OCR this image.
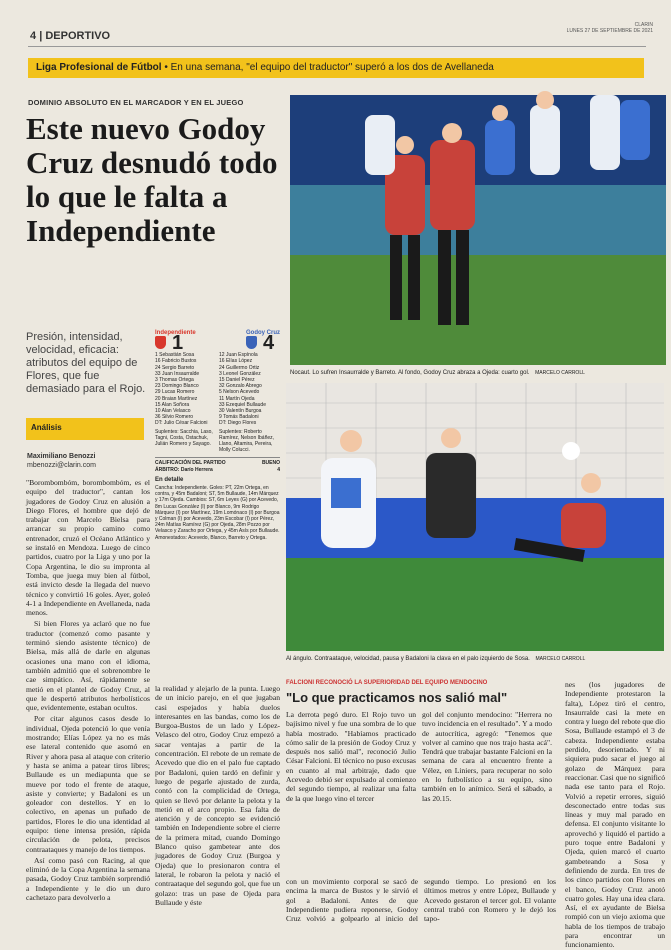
4 | DEPORTIVO
CLARIN
LUNES 27 DE SEPTIEMBRE DE 2021
Liga Profesional de Fútbol • En una semana, "el equipo del traductor" superó a los dos de Avellaneda
DOMINIO ABSOLUTO EN EL MARCADOR Y EN EL JUEGO
Este nuevo Godoy Cruz desnudó todo lo que le falta a Independiente
Presión, intensidad, velocidad, eficacia: atributos del equipo de Flores, que fue demasiado para el Rojo.
Análisis
Maximiliano Benozzi
mbenozzi@clarin.com

"Borombombóm, borombombóm, es el equipo del traductor", cantan los jugadores de Godoy Cruz en alusión a Diego Flores, el hombre que dejó de trabajar con Marcelo Bielsa para arrancar su propio camino como entrenador, cruzó el Océano Atlántico y se instaló en Mendoza. Luego de cinco partidos, cuatro por la Liga y uno por la Copa Argentina, le dio su impronta al Tomba, que juega muy bien al fútbol, está invicto desde la llegada del nuevo técnico y convirtió 16 goles. Ayer, goleó 4-1 a Independiente en Avellaneda, nada menos.

Si bien Flores ya aclaró que no fue traductor (comenzó como pasante y terminó siendo asistente técnico) de Bielsa, más allá de darle en algunas ocasiones una mano con el idioma, también admitió que el sobrenombre le cae simpático. Así, rápidamente se metió en el plantel de Godoy Cruz, al que le despertó atributos herbolísticos que, evidentemente, estaban ocultos.

Por citar algunos casos desde lo individual, Ojeda potenció lo que venía mostrando; Elías López ya no es más ese lateral contenido que asomó en River y ahora pasa al ataque con criterio y hasta se anima a patear tiros libres; Bullaude es un mediapunta que se mueve por todo el frente de ataque, asiste y convierte; y Badaloni es un goleador con destellos. Y en lo colectivo, en apenas un puñado de partidos, Flores le dio una identidad al equipo: tiene intensa presión, rápida circulación de pelota, precisos contraataques y manejo de los tiempos.

Así como pasó con Racing, al que eliminó de la Copa Argentina la semana pasada, Godoy Cruz también sorprendió a Independiente y le dio un duro cachetazo para devolverlo a

Independiente
1	Godoy Cruz
4
1 Sebastián Sosa
16 Fabricio Bustos
24 Sergio Barreto
33 Juan Insaurralde
3 Thomas Ortega
23 Domingo Blanco
29 Lucas Romero
20 Braian Martínez
15 Alan Soñora
10 Alan Velasco
36 Silvio Romero
DT: Julio César Falcioni
Suplentes: Sacchia, Laso, Tagni, Costa, Ostachuk, Julián Romero y Sayago.
12 Juan Espínola
16 Elías López
24 Guillermo Ortiz
3 Leonel González
15 Daniel Pérez
32 Gonzalo Abrego
5 Nelson Acevedo
11 Martín Ojeda
33 Ezequiel Bullaude
30 Valentín Burgoa
9 Tomás Badaloni
DT: Diego Flores
Suplentes: Roberto Ramírez, Nelson Ibáñez, Llano, Altamira, Pereira, Molly Colucci.
CALIFICACIÓN DEL PARTIDO	BUENO
ÁRBITRO: Darío Herrera	4
En detalle
Cancha: Independiente. Goles: PT, 22m Ortega, en contra, y 45m Badaloni; ST, 5m Bullaude, 14m Márquez y 17m Ojeda. Cambios: ST, 6m Leyes (G) por Acevedo, 8m Lucas González (I) por Blanco, 9m Rodrigo Márquez (I) por Martínez, 19m Lomónaco (I) por Burgoa y Colman (I) por Acevedo, 23m Escobar (I) por Pérez, 24m Matías Ramírez (G) por Ojeda, 28m Pozzo por Velasco y Zaracho por Ortega, y 45m Asís por Bullaude. Amonestados: Acevedo, Blanco, Barreto y Ortega.
Nocaut. Lo sufren Insaurralde y Barreto. Al fondo, Godoy Cruz abraza a Ojeda: cuarto gol. MARCELO CARROLL
Al ángulo. Contraataque, velocidad, pausa y Badaloni la clava en el palo izquierdo de Sosa. MARCELO CARROLL
la realidad y alejarlo de la punta. Luego de un inicio parejo, en el que jugaban casi espejados y había duelos interesantes en las bandas, como los de Burgoa-Bustos de un lado y López-Velasco del otro, Godoy Cruz empezó a sacar ventajas a partir de la concentración. El rebote de un remate de Acevedo que dio en el palo fue captado por Badaloni, quien tardó en definir y luego de pegarle ajustado de zurda, contó con la complicidad de Ortega, quien se llevó por delante la pelota y la metió en el arco propio. Esa falta de atención y de concepto se evidenció también en Independiente sobre el cierre de la primera mitad, cuando Domingo Blanco quiso gambetear ante dos jugadores de Godoy Cruz (Burgoa y Ojeda) que lo presionaron contra el lateral, le robaron la pelota y nació el contraataque del segundo gol, que fue un golazo: tras un pase de Ojeda para Bullaude y éste
FALCIONI RECONOCIÓ LA SUPERIORIDAD DEL EQUIPO MENDOCINO
"Lo que practicamos nos salió mal"
La derrota pegó duro. El Rojo tuvo un bajísimo nivel y fue una sombra de lo que había mostrado. "Habíamos practicado cómo salir de la presión de Godoy Cruz y después nos salió mal", reconoció Julio César Falcioni. El técnico no puso excusas en cuanto al mal arbitraje, dado que Acevedo debió ser expulsado al comienzo del segundo tiempo, al realizar una falta de la que luego vino el tercer
gol del conjunto mendocino: "Herrera no tuvo incidencia en el resultado". Y a modo de autocrítica, agregó: "Tenemos que volver al camino que nos trajo hasta acá". Tendrá que trabajar bastante Falcioni en la semana de cara al encuentro frente a Vélez, en Liniers, para recuperar no solo en lo futbolístico a su equipo, sino también en lo anímico. Será el sábado, a las 20.15.
con un movimiento corporal se sacó de encima la marca de Bustos y le sirvió el gol a Badaloni. Antes de que Independiente pudiera reponerse, Godoy Cruz volvió a golpearlo al inicio del segundo tiempo. Lo presionó en los últimos metros y entre López, Bullaude y Acevedo gestaron el tercer gol. El volante central trabó con Romero y le dejó los tapo-
nes (los jugadores de Independiente protestaron la falta), López tiró el centro, Insaurralde casi la mete en contra y luego del rebote que dio Sosa, Bullaude estampó el 3 de cabeza. Independiente estaba perdido, desorientado. Y ni siquiera pudo sacar el juego al golazo de Márquez para reaccionar. Casi que no significó nada ese tanto para el Rojo. Volvió a repetir errores, siguió desconectado entre todas sus líneas y muy mal parado en defensa. El conjunto visitante lo aprovechó y liquidó el partido a puro toque entre Badaloni y Ojeda, quien marcó el cuarto gambeteando a Sosa y definiendo de zurda. En tres de los cinco partidos con Flores en el banco, Godoy Cruz anotó cuatro goles. Hay una idea clara. Así, el ex ayudante de Bielsa rompió con un viejo axioma que habla de los tiempos de trabajo para encontrar un funcionamiento.
